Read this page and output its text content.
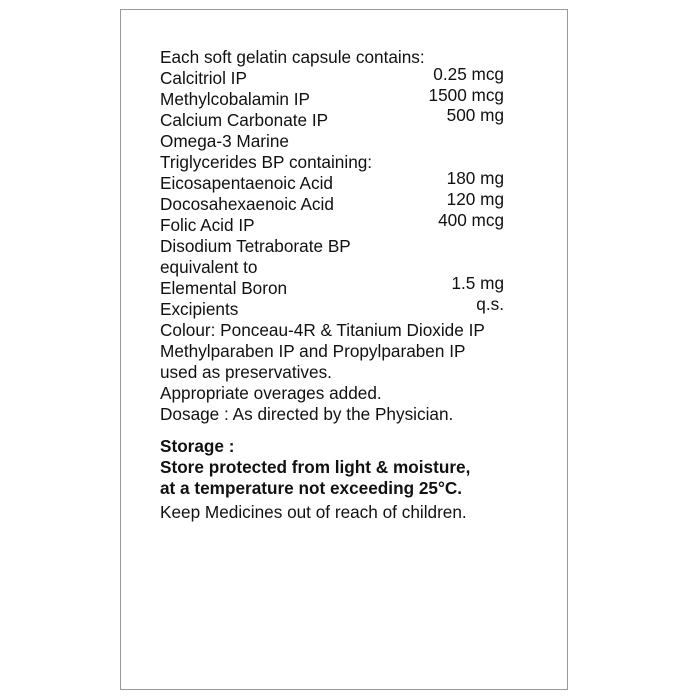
Each soft gelatin capsule contains:
Calcitriol IP
Methylcobalamin IP
Calcium Carbonate IP
Omega-3 Marine
Triglycerides BP containing:
Eicosapentaenoic Acid
Docosahexaenoic Acid
Folic Acid IP
Disodium Tetraborate BP
equivalent to
Elemental Boron
Excipients
0.25 mcg
1500 mcg
500 mg
180 mg
120 mg
400 mcg
1.5 mg
q.s.
Colour: Ponceau-4R & Titanium Dioxide IP
Methylparaben IP and Propylparaben IP
used as preservatives.
Appropriate overages added.
Dosage : As directed by the Physician.
Storage :
Store protected from light & moisture,
at a temperature not exceeding 25°C.
Keep Medicines out of reach of children.
